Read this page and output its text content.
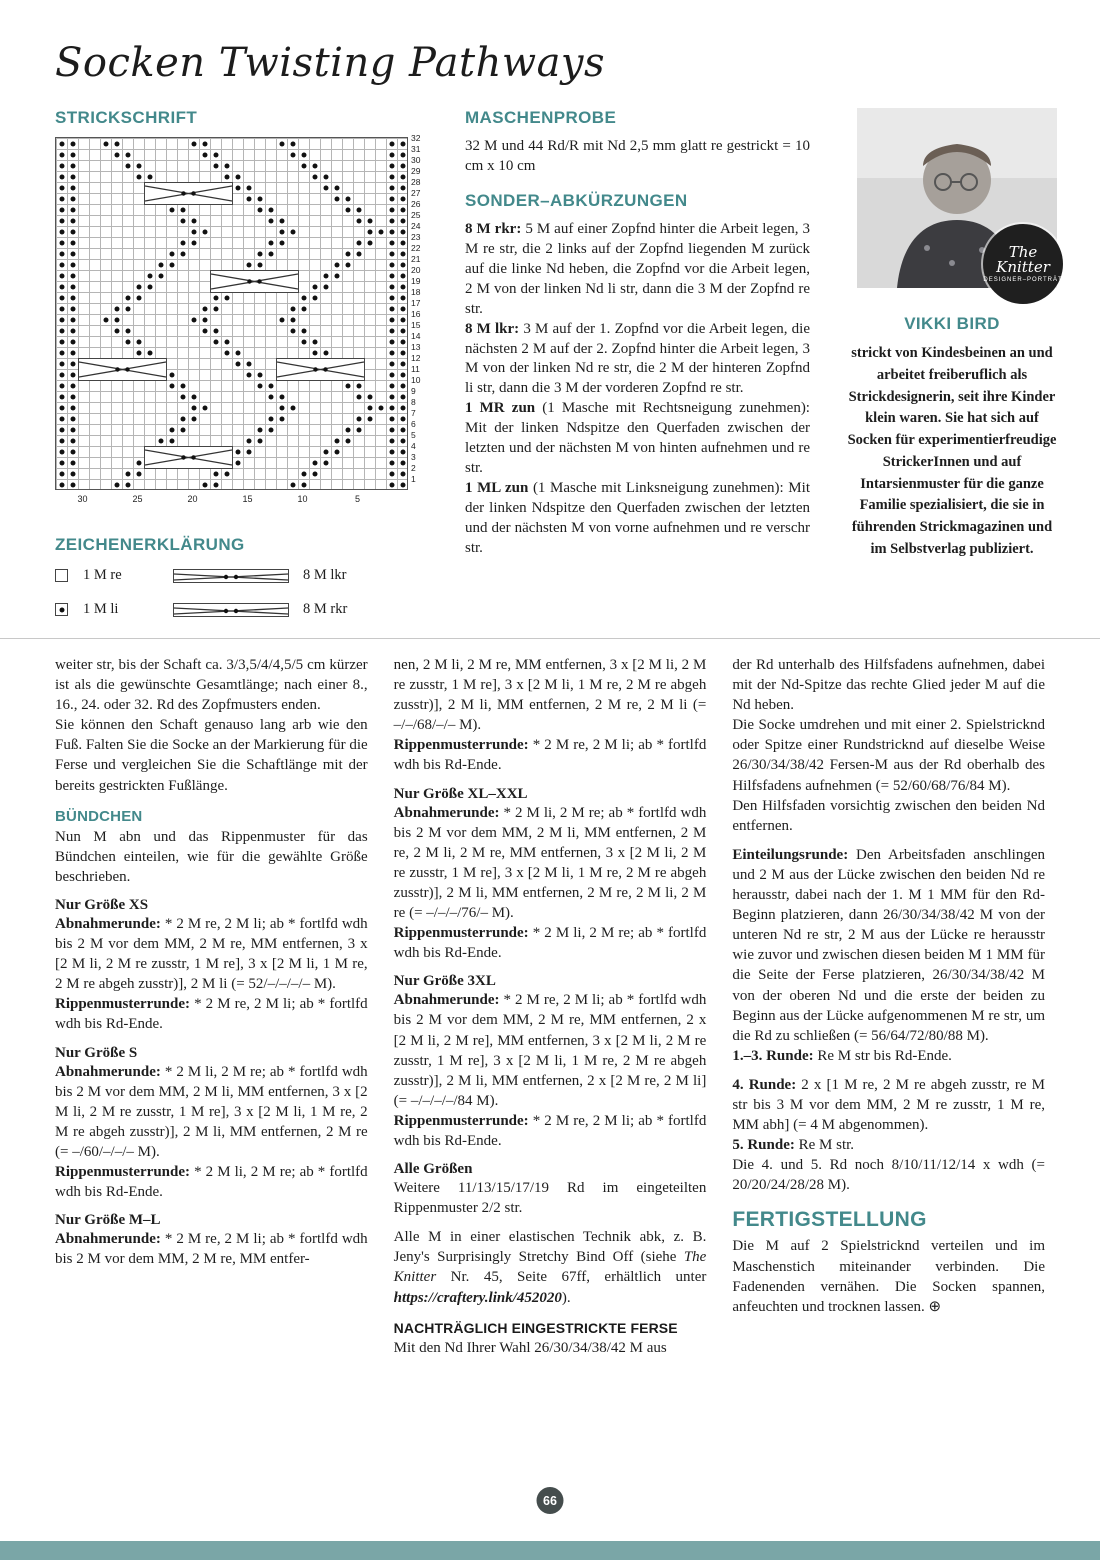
Socken Twisting Pathways
STRICKSCHRIFT
32
31
30
29
28
27
26
25
24
23
22
21
20
19
18
17
16
15
14
13
12
11
10
9
8
7
6
5
4
3
2
1
30	25	20	15	10	5
ZEICHENERKLÄRUNG
1 M re	8 M lkr
1 M li	8 M rkr
MASCHENPROBE

32 M und 44 Rd/R mit Nd 2,5 mm glatt re gestrickt = 10 cm x 10 cm

SONDER–ABKÜRZUNGEN

8 M rkr: 5 M auf einer Zopfnd hinter die Arbeit legen, 3 M re str, die 2 links auf der Zopfnd liegenden M zurück auf die linke Nd heben, die Zopfnd vor die Arbeit legen, 2 M von der linken Nd li str, dann die 3 M der Zopfnd re str.

8 M lkr: 3 M auf der 1. Zopfnd vor die Arbeit legen, die nächsten 2 M auf der 2. Zopfnd hinter die Arbeit legen, 3 M von der linken Nd re str, die 2 M der hinteren Zopfnd li str, dann die 3 M der vorderen Zopfnd re str.

1 MR zun (1 Masche mit Rechtsneigung zunehmen): Mit der linken Ndspitze den Querfaden zwischen der letzten und der nächsten M von hinten aufnehmen und re str.

1 ML zun (1 Masche mit Linksneigung zunehmen): Mit der linken Ndspitze den Querfaden zwischen der letzten und der nächsten M von vorne aufnehmen und re verschr str.

The Knitter
DESIGNER–PORTRÄT
VIKKI BIRD

strickt von Kindesbeinen an und arbeitet freiberuflich als Strickdesignerin, seit ihre Kinder klein waren. Sie hat sich auf Socken für experimentierfreudige StrickerInnen und auf Intarsienmuster für die ganze Familie spezialisiert, die sie in führenden Strickmagazinen und im Selbstverlag publiziert.

weiter str, bis der Schaft ca. 3/3,5/4/4,5/5 cm kürzer ist als die gewünschte Gesamtlänge; nach einer 8., 16., 24. oder 32. Rd des Zopfmusters enden.

Sie können den Schaft genauso lang arb wie den Fuß. Falten Sie die Socke an der Markierung für die Ferse und vergleichen Sie die Schaftlänge mit der bereits gestrickten Fußlänge.

BÜNDCHEN

Nun M abn und das Rippenmuster für das Bündchen einteilen, wie für die gewählte Größe beschrieben.

Nur Größe XS

Abnahmerunde: * 2 M re, 2 M li; ab * fortlfd wdh bis 2 M vor dem MM, 2 M re, MM entfernen, 3 x [2 M li, 2 M re zusstr, 1 M re], 3 x [2 M li, 1 M re, 2 M re abgeh zusstr)], 2 M li (= 52/–/–/–/– M).

Rippenmusterrunde: * 2 M re, 2 M li; ab * fortlfd wdh bis Rd-Ende.

Nur Größe S

Abnahmerunde: * 2 M li, 2 M re; ab * fortlfd wdh bis 2 M vor dem MM, 2 M li, MM entfernen, 3 x [2 M li, 2 M re zusstr, 1 M re], 3 x [2 M li, 1 M re, 2 M re abgeh zusstr)], 2 M li, MM entfernen, 2 M re (= –/60/–/–/– M).

Rippenmusterrunde: * 2 M li, 2 M re; ab * fortlfd wdh bis Rd-Ende.

Nur Größe M–L

Abnahmerunde: * 2 M re, 2 M li; ab * fortlfd wdh bis 2 M vor dem MM, 2 M re, MM entfer-

nen, 2 M li, 2 M re, MM entfernen, 3 x [2 M li, 2 M re zusstr, 1 M re], 3 x [2 M li, 1 M re, 2 M re abgeh zusstr)], 2 M li, MM entfernen, 2 M re, 2 M li (= –/–/68/–/– M).

Rippenmusterrunde: * 2 M re, 2 M li; ab * fortlfd wdh bis Rd-Ende.

Nur Größe XL–XXL

Abnahmerunde: * 2 M li, 2 M re; ab * fortlfd wdh bis 2 M vor dem MM, 2 M li, MM entfernen, 2 M re, 2 M li, 2 M re, MM entfernen, 3 x [2 M li, 2 M re zusstr, 1 M re], 3 x [2 M li, 1 M re, 2 M re abgeh zusstr)], 2 M li, MM entfernen, 2 M re, 2 M li, 2 M re (= –/–/–/76/– M).

Rippenmusterrunde: * 2 M li, 2 M re; ab * fortlfd wdh bis Rd-Ende.

Nur Größe 3XL

Abnahmerunde: * 2 M re, 2 M li; ab * fortlfd wdh bis 2 M vor dem MM, 2 M re, MM entfernen, 2 x [2 M li, 2 M re], MM entfernen, 3 x [2 M li, 2 M re zusstr, 1 M re], 3 x [2 M li, 1 M re, 2 M re abgeh zusstr)], 2 M li, MM entfernen, 2 x [2 M re, 2 M li] (= –/–/–/–/84 M).

Rippenmusterrunde: * 2 M re, 2 M li; ab * fortlfd wdh bis Rd-Ende.

Alle Größen

Weitere 11/13/15/17/19 Rd im eingeteilten Rippenmuster 2/2 str.

Alle M in einer elastischen Technik abk, z. B. Jeny's Surprisingly Stretchy Bind Off (siehe The Knitter Nr. 45, Seite 67ff, erhältlich unter https://craftery.link/452020).

NACHTRÄGLICH EINGESTRICKTE FERSE

Mit den Nd Ihrer Wahl 26/30/34/38/42 M aus

der Rd unterhalb des Hilfsfadens aufnehmen, dabei mit der Nd-Spitze das rechte Glied jeder M auf die Nd heben.

Die Socke umdrehen und mit einer 2. Spielstricknd oder Spitze einer Rundstricknd auf dieselbe Weise 26/30/34/38/42 Fersen-M aus der Rd oberhalb des Hilfsfadens aufnehmen (= 52/60/68/76/84 M).

Den Hilfsfaden vorsichtig zwischen den beiden Nd entfernen.

Einteilungsrunde: Den Arbeitsfaden anschlingen und 2 M aus der Lücke zwischen den beiden Nd re herausstr, dabei nach der 1. M 1 MM für den Rd-Beginn platzieren, dann 26/30/34/38/42 M von der unteren Nd re str, 2 M aus der Lücke re herausstr wie zuvor und zwischen diesen beiden M 1 MM für die Seite der Ferse platzieren, 26/30/34/38/42 M von der oberen Nd und die erste der beiden zu Beginn aus der Lücke aufgenommenen M re str, um die Rd zu schließen (= 56/64/72/80/88 M).

1.–3. Runde: Re M str bis Rd-Ende.

4. Runde: 2 x [1 M re, 2 M re abgeh zusstr, re M str bis 3 M vor dem MM, 2 M re zusstr, 1 M re, MM abh] (= 4 M abgenommen).

5. Runde: Re M str.

Die 4. und 5. Rd noch 8/10/11/12/14 x wdh (= 20/20/24/28/28 M).

FERTIGSTELLUNG

Die M auf 2 Spielstricknd verteilen und im Maschenstich miteinander verbinden. Die Fadenenden vernähen. Die Socken spannen, anfeuchten und trocknen lassen. ⊕

66
